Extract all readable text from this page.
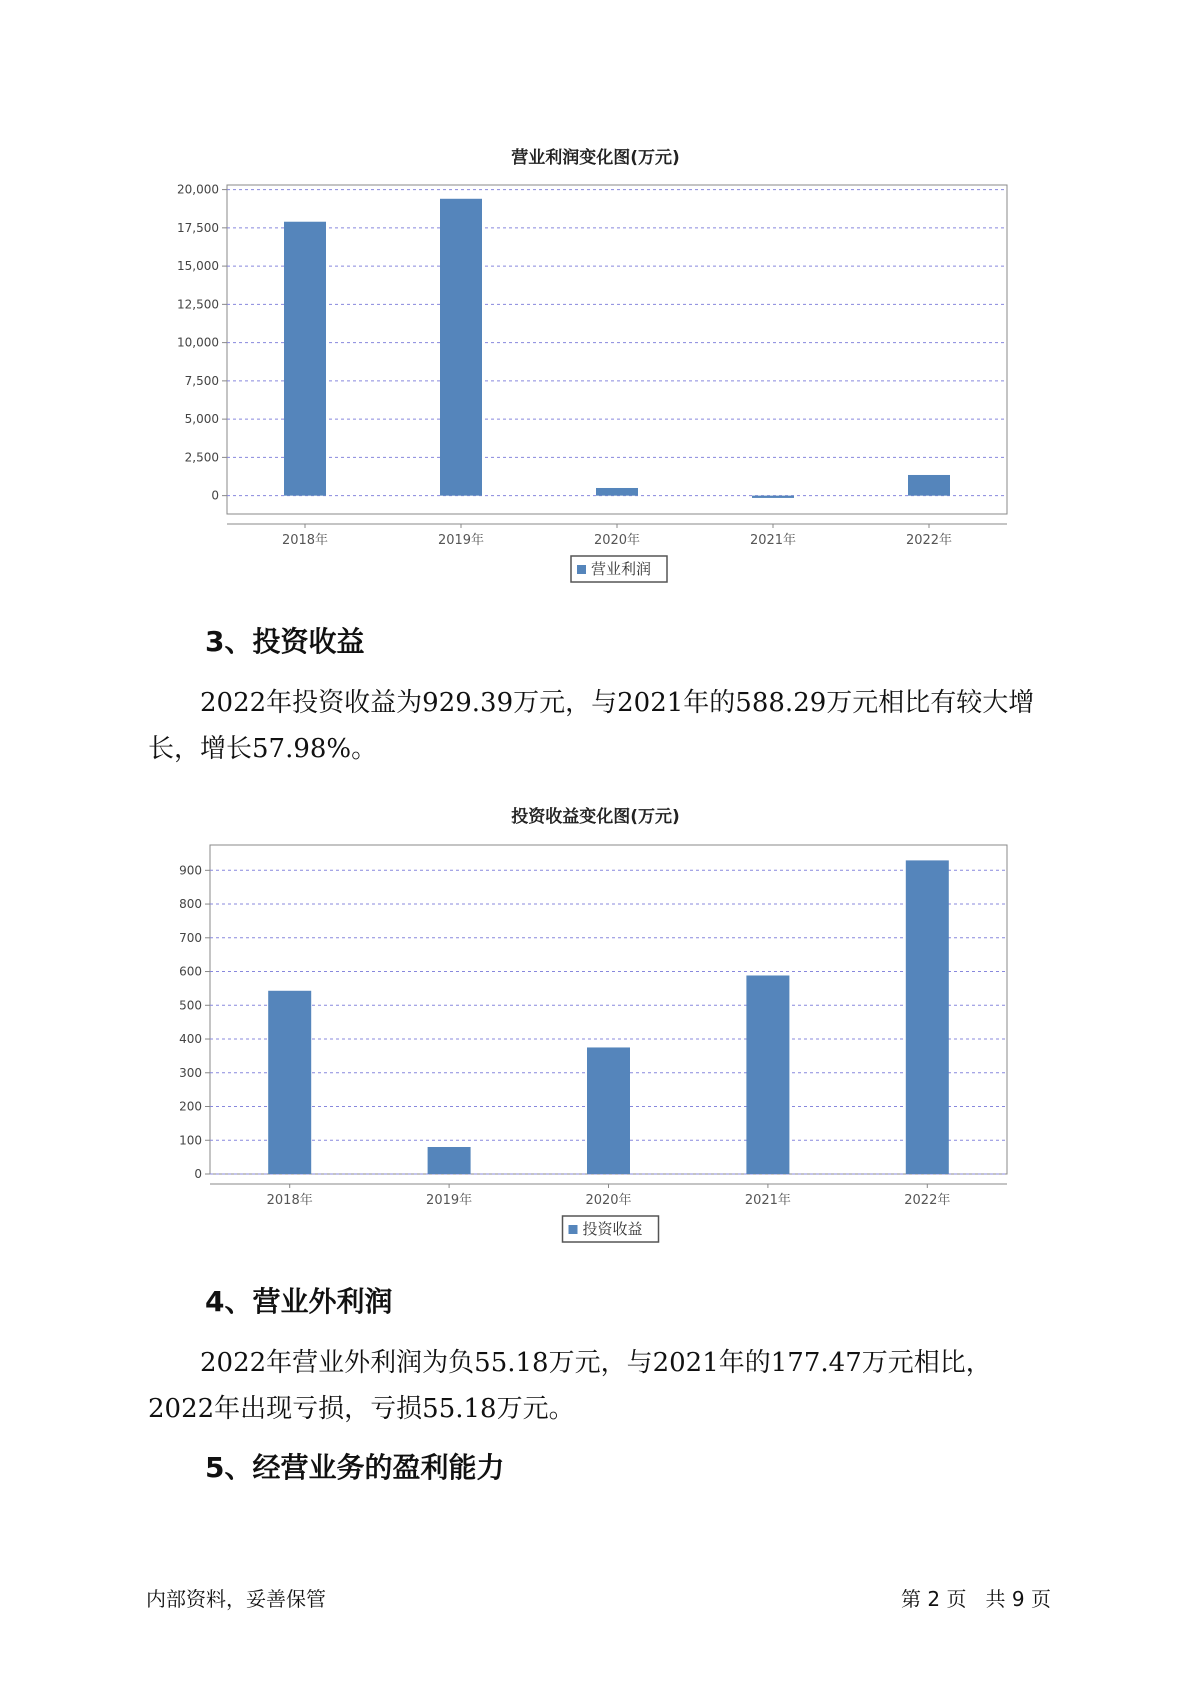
营业利润变化图(万元)
0
2,500
5,000
7,500
10,000
12,500
15,000
17,500
20,000
2018年	2019年	2020年	2021年	2022年
营业利润
3、投资收益
2022年投资收益为929.39万元，与2021年的588.29万元相比有较大增长，增长57.98%。
投资收益变化图(万元)
0
100
200
300
400
500
600
700
800
900
2018年	2019年	2020年	2021年	2022年
投资收益
4、营业外利润
2022年营业外利润为负55.18万元，与2021年的177.47万元相比，2022年出现亏损，亏损55.18万元。
5、经营业务的盈利能力
内部资料，妥善保管	第 2 页   共 9 页
